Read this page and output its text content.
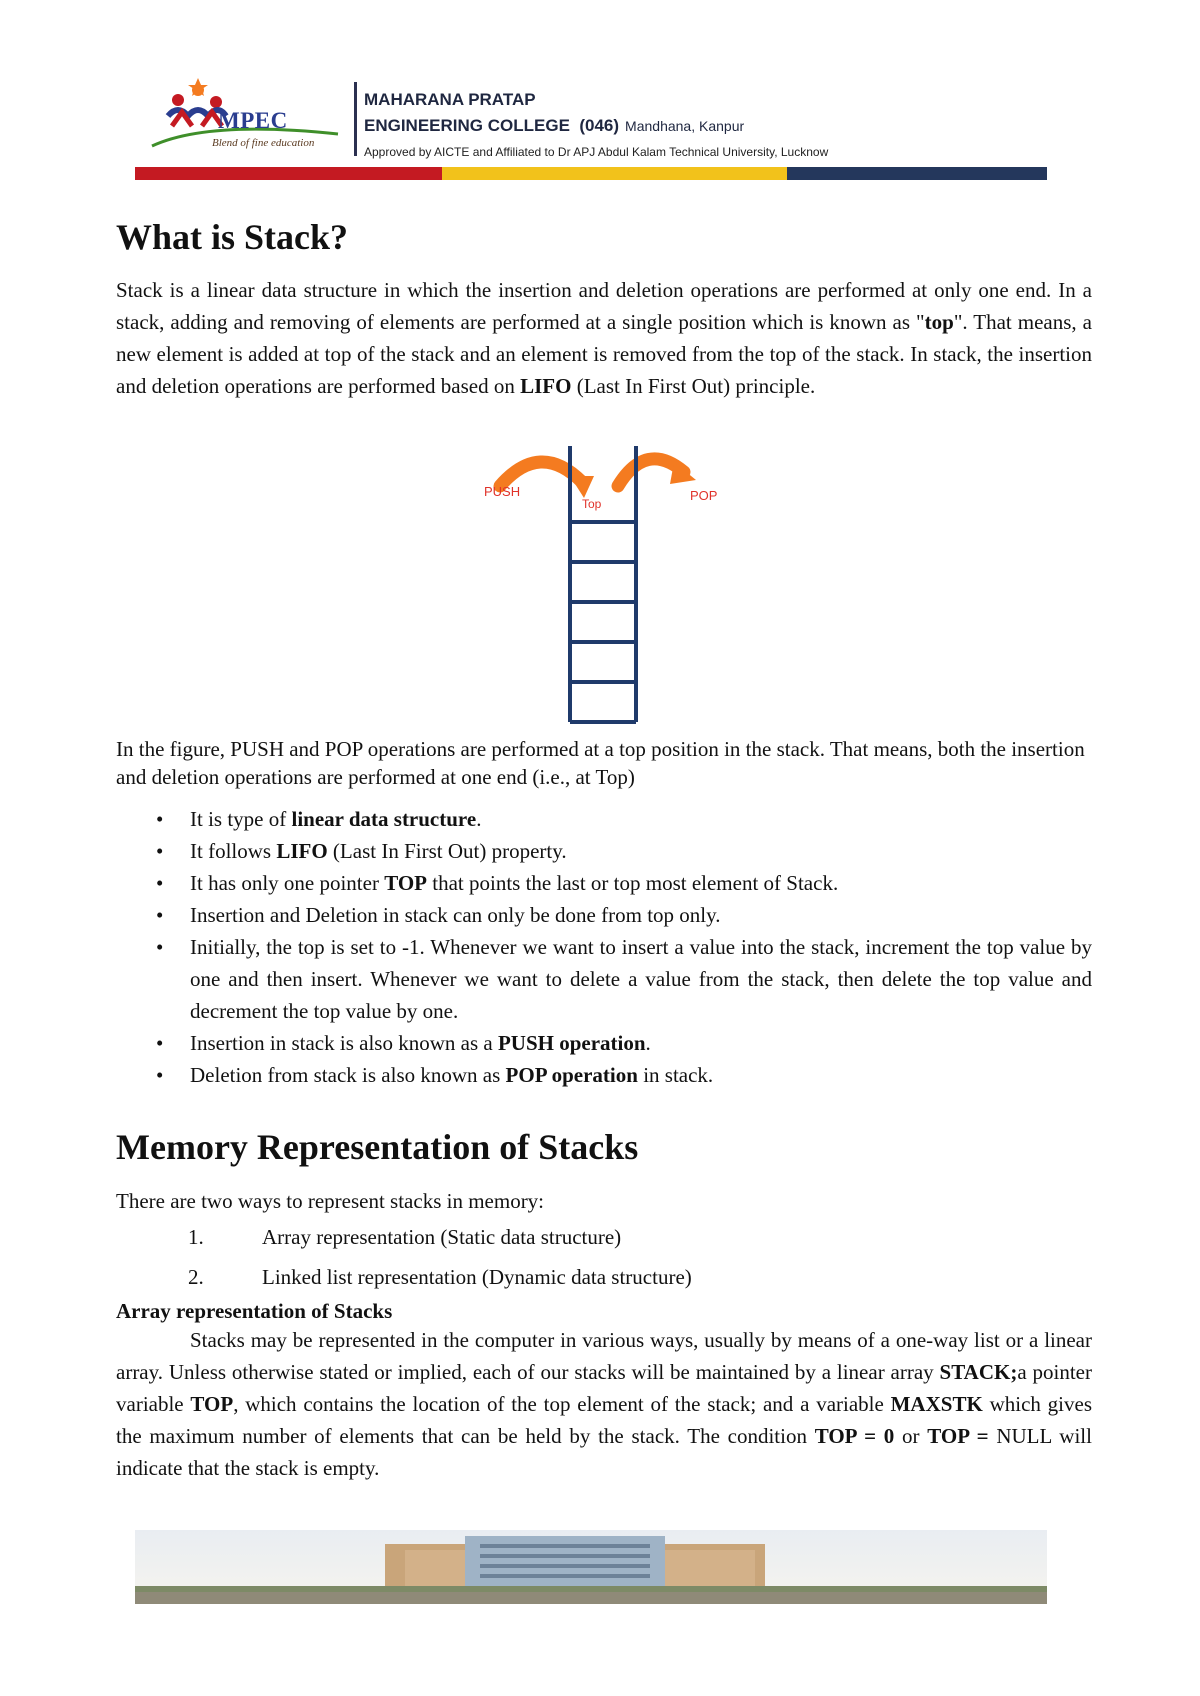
MPEC
Blend of fine education
MAHARANA PRATAP
ENGINEERING COLLEGE  (046) Mandhana, Kanpur
Approved by AICTE and Affiliated to Dr APJ Abdul Kalam Technical University, Lucknow
What is Stack?

Stack is a linear data structure in which the insertion and deletion operations are performed at only one end. In a stack, adding and removing of elements are performed at a single position which is known as "top". That means, a new element is added at top of the stack and an element is removed from the top of the stack. In stack, the insertion and deletion operations are performed based on LIFO (Last In First Out) principle.

PUSH
Top
POP

In the figure, PUSH and POP operations are performed at a top position in the stack. That means, both the insertion and deletion operations are performed at one end (i.e., at Top)

• It is type of linear data structure.
• It follows LIFO (Last In First Out) property.
• It has only one pointer TOP that points the last or top most element of Stack.
• Insertion and Deletion in stack can only be done from top only.
• Initially, the top is set to -1. Whenever we want to insert a value into the stack, increment the top value by one and then insert. Whenever we want to delete a value from the stack, then delete the top value and decrement the top value by one.
• Insertion in stack is also known as a PUSH operation.
• Deletion from stack is also known as POP operation in stack.
Memory Representation of Stacks
There are two ways to represent stacks in memory:
1.	Array representation (Static data structure)
2.	Linked list representation (Dynamic data structure)
Array representation of Stacks

Stacks may be represented in the computer in various ways, usually by means of a one-way list or a linear array. Unless otherwise stated or implied, each of our stacks will be maintained by a linear array STACK;a pointer variable TOP, which contains the location of the top element of the stack; and a variable MAXSTK which gives the maximum number of elements that can be held by the stack. The condition TOP = 0 or TOP = NULL will indicate that the stack is empty.
